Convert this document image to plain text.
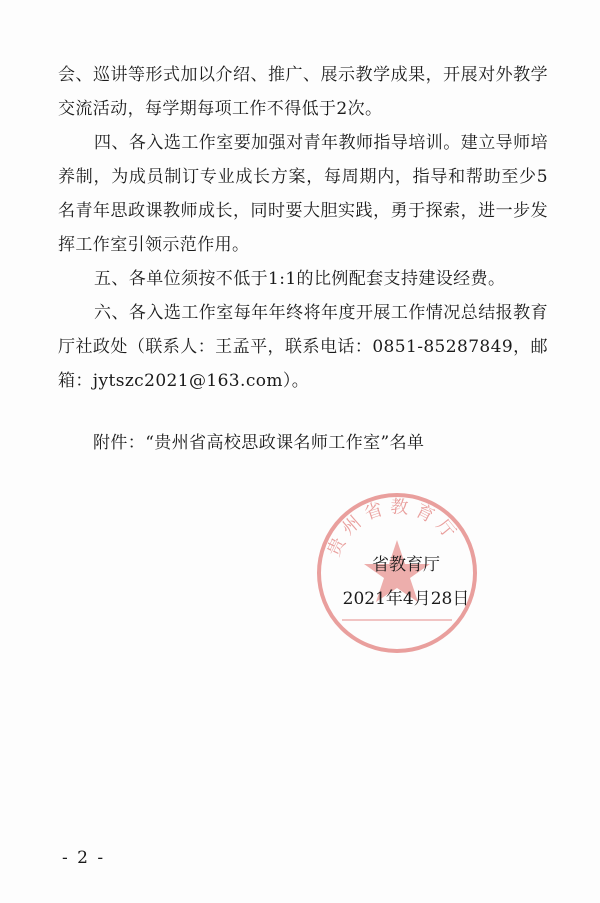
会、巡讲等形式加以介绍、推广、展示教学成果，开展对外教学交流活动，每学期每项工作不得低于2次。

四、各入选工作室要加强对青年教师指导培训。建立导师培养制，为成员制订专业成长方案，每周期内，指导和帮助至少5名青年思政课教师成长，同时要大胆实践，勇于探索，进一步发挥工作室引领示范作用。

五、各单位须按不低于1:1的比例配套支持建设经费。

六、各入选工作室每年年终将年度开展工作情况总结报教育厅社政处（联系人：王孟平，联系电话：0851-85287849，邮箱：jytszc2021@163.com）。

附件：“贵州省高校思政课名师工作室”名单
贵州省教育厅
省教育厅
2021年4月28日
- 2 -
